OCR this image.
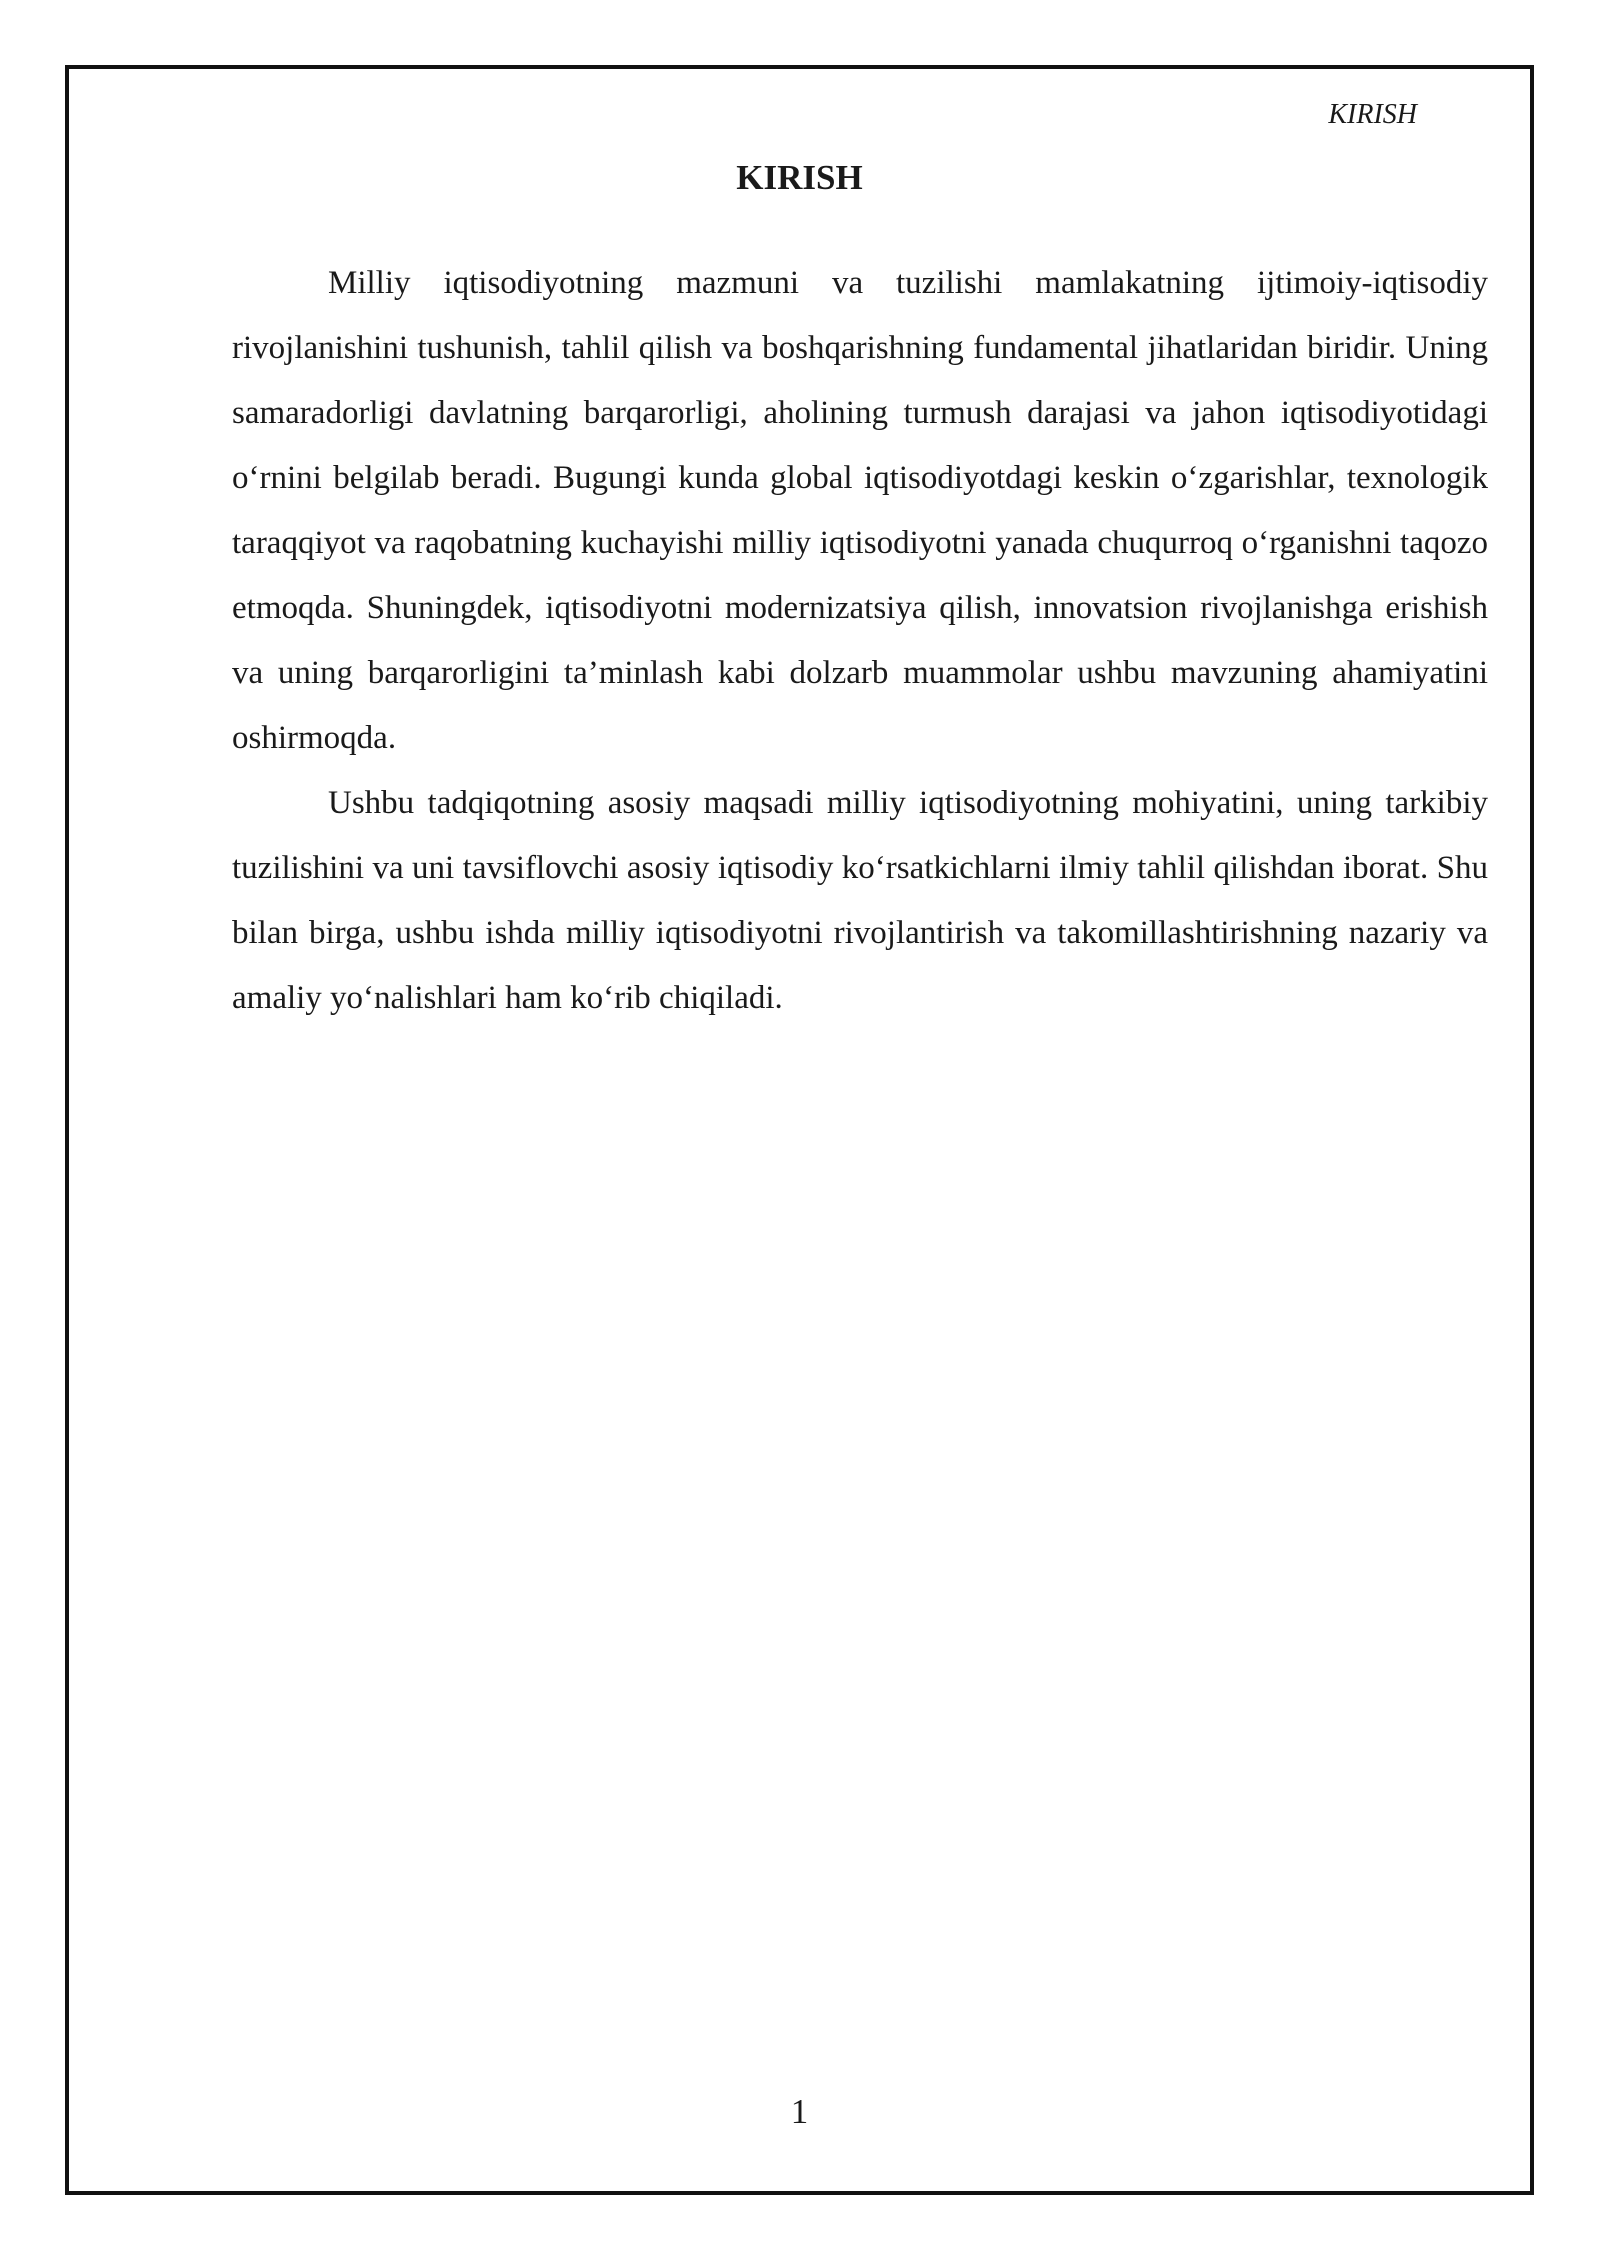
KIRISH
KIRISH

Milliy iqtisodiyotning mazmuni va tuzilishi mamlakatning ijtimoiy-iqtisodiy rivojlanishini tushunish, tahlil qilish va boshqarishning fundamental jihatlaridan biridir. Uning samaradorligi davlatning barqarorligi, aholining turmush darajasi va jahon iqtisodiyotidagi o‘rnini belgilab beradi. Bugungi kunda global iqtisodiyotdagi keskin o‘zgarishlar, texnologik taraqqiyot va raqobatning kuchayishi milliy iqtisodiyotni yanada chuqurroq o‘rganishni taqozo etmoqda. Shuningdek, iqtisodiyotni modernizatsiya qilish, innovatsion rivojlanishga erishish va uning barqarorligini ta’minlash kabi dolzarb muammolar ushbu mavzuning ahamiyatini oshirmoqda.

Ushbu tadqiqotning asosiy maqsadi milliy iqtisodiyotning mohiyatini, uning tarkibiy tuzilishini va uni tavsiflovchi asosiy iqtisodiy ko‘rsatkichlarni ilmiy tahlil qilishdan iborat. Shu bilan birga, ushbu ishda milliy iqtisodiyotni rivojlantirish va takomillashtirishning nazariy va amaliy yo‘nalishlari ham ko‘rib chiqiladi.

1
